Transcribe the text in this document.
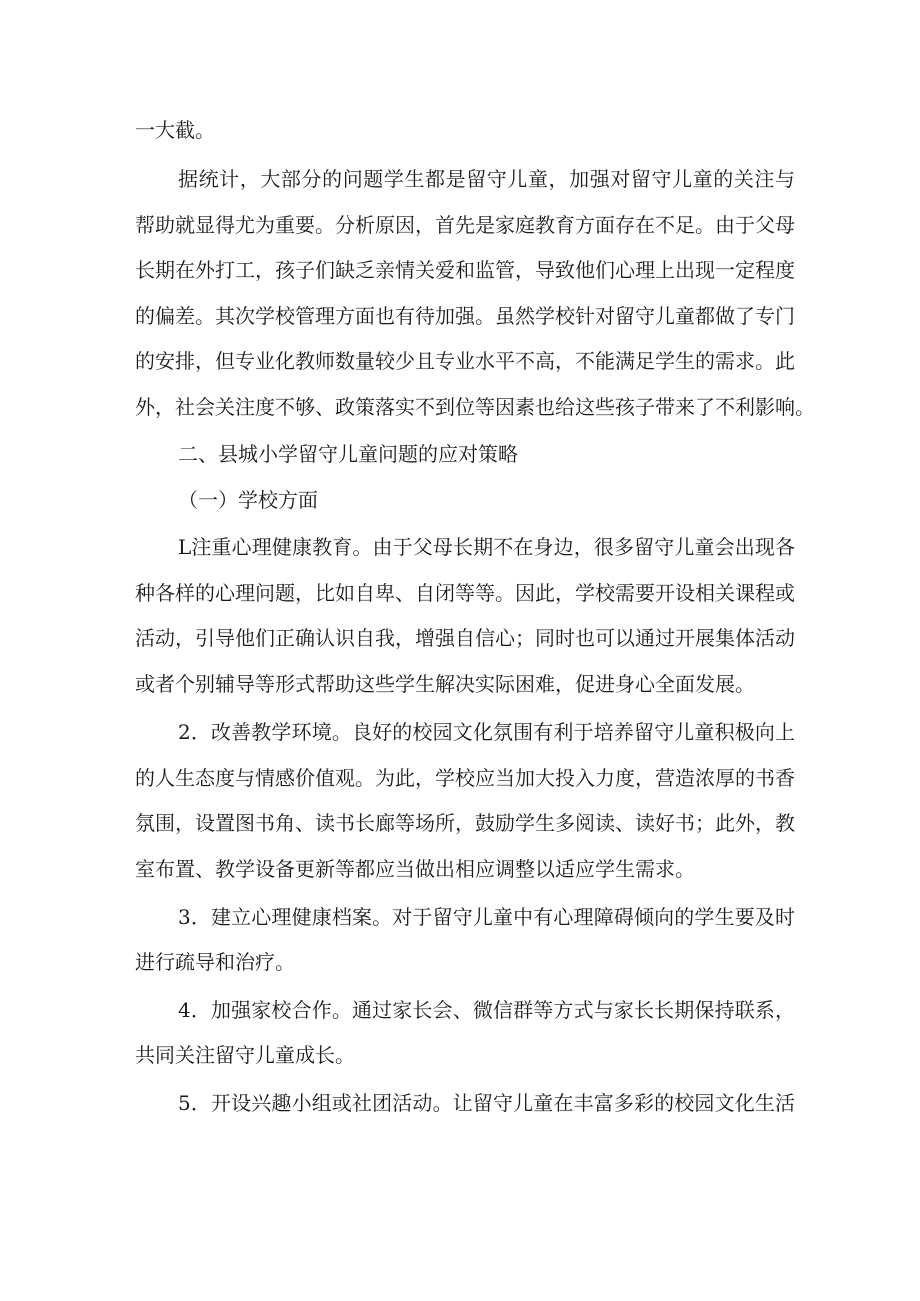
一大截。
据统计，大部分的问题学生都是留守儿童，加强对留守儿童的关注与
帮助就显得尤为重要。分析原因，首先是家庭教育方面存在不足。由于父母
长期在外打工，孩子们缺乏亲情关爱和监管，导致他们心理上出现一定程度
的偏差。其次学校管理方面也有待加强。虽然学校针对留守儿童都做了专门
的安排，但专业化教师数量较少且专业水平不高，不能满足学生的需求。此
外，社会关注度不够、政策落实不到位等因素也给这些孩子带来了不利影响。
二、县城小学留守儿童问题的应对策略
（一）学校方面
L注重心理健康教育。由于父母长期不在身边，很多留守儿童会出现各
种各样的心理问题，比如自卑、自闭等等。因此，学校需要开设相关课程或
活动，引导他们正确认识自我，增强自信心；同时也可以通过开展集体活动
或者个别辅导等形式帮助这些学生解决实际困难，促进身心全面发展。
2．改善教学环境。良好的校园文化氛围有利于培养留守儿童积极向上
的人生态度与情感价值观。为此，学校应当加大投入力度，营造浓厚的书香
氛围，设置图书角、读书长廊等场所，鼓励学生多阅读、读好书；此外，教
室布置、教学设备更新等都应当做出相应调整以适应学生需求。
3．建立心理健康档案。对于留守儿童中有心理障碍倾向的学生要及时
进行疏导和治疗。
4．加强家校合作。通过家长会、微信群等方式与家长长期保持联系，
共同关注留守儿童成长。
5．开设兴趣小组或社团活动。让留守儿童在丰富多彩的校园文化生活
